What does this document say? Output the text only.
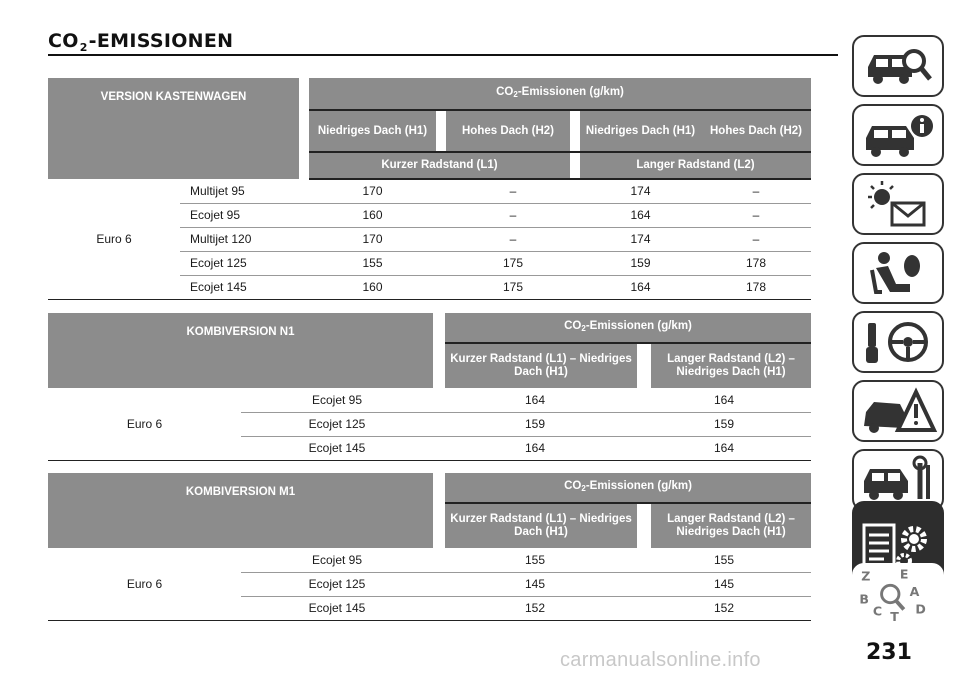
$CO_2$-EMISSIONEN
VERSION KASTENWAGEN			$CO_2$-Emissionen (g/km)					
			Niedriges Dach (H1)		Hohes Dach (H2)		Niedriges Dach (H1)	Hohes Dach (H2)
			Kurzer Radstand (L1)				Langer Radstand (L2)	
Euro 6	Multijet 95	170			–		174	–
	Ecojet 95	160			–		164	–
	Multijet 120	170			–		174	–
	Ecojet 125	155			175		159	178
	Ecojet 145	160			175		164	178
KOMBIVERSION N1			$CO_2$-Emissionen (g/km)		
			Kurzer Radstand (L1) – Niedriges Dach (H1)		Langer Radstand (L2) – Niedriges Dach (H1)
Euro 6	Ecojet 95	164		164	
	Ecojet 125	159		159	
	Ecojet 145	164		164	
KOMBIVERSION M1			$CO_2$-Emissionen (g/km)		
			Kurzer Radstand (L1) – Niedriges Dach (H1)		Langer Radstand (L2) – Niedriges Dach (H1)
Euro 6	Ecojet 95	155		155	
	Ecojet 125	145		145	
	Ecojet 145	152		152	
Z E
B
A
C T
D
231
carmanualsonline.info
